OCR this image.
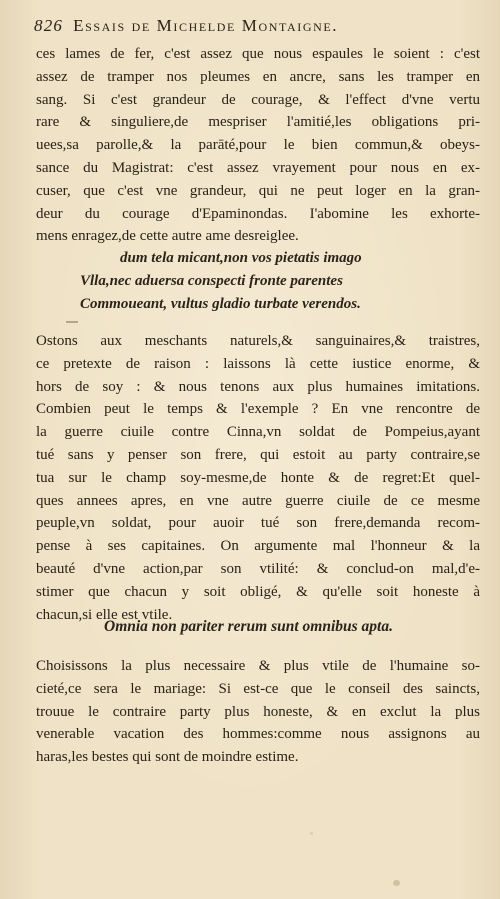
826 Essais de Michelde Montaigne.
ces lames de fer, c'est assez que nous espaules le soient : c'est
assez de tramper nos pleumes en ancre, sans les tramper en
sang. Si c'est grandeur de courage, & l'effect d'vne vertu
rare & singuliere,de mespriser l'amitié,les obligations pri-
uees,sa parolle,& la parāté,pour le bien commun,& obeys-
sance du Magistrat: c'est assez vrayement pour nous en ex-
cuser, que c'est vne grandeur, qui ne peut loger en la gran-
deur du courage d'Epaminondas. I'abomine les exhorte-
mens enragez,de cette autre ame desreiglee.
dum tela micant,non vos pietatis imago
Vlla,nec aduersa conspecti fronte parentes
Commoueant, vultus gladio turbate verendos.
Ostons aux meschants naturels,& sanguinaires,& traistres,
ce pretexte de raison : laissons là cette iustice enorme, &
hors de soy : & nous tenons aux plus humaines imitations.
Combien peut le temps & l'exemple ? En vne rencontre de
la guerre ciuile contre Cinna,vn soldat de Pompeius,ayant
tué sans y penser son frere, qui estoit au party contraire,se
tua sur le champ soy-mesme,de honte & de regret:Et quel-
ques annees apres, en vne autre guerre ciuile de ce mesme
peuple,vn soldat, pour auoir tué son frere,demanda recom-
pense à ses capitaines. On argumente mal l'honneur & la
beauté d'vne action,par son vtilité: & conclud-on mal,d'e-
stimer que chacun y soit obligé, & qu'elle soit honeste à
chacun,si elle est vtile.
Omnia non pariter rerum sunt omnibus apta.
Choisissons la plus necessaire & plus vtile de l'humaine so-
cieté,ce sera le mariage: Si est-ce que le conseil des saincts,
trouue le contraire party plus honeste, & en exclut la plus
venerable vacation des hommes:comme nous assignons au
haras,les bestes qui sont de moindre estime.
